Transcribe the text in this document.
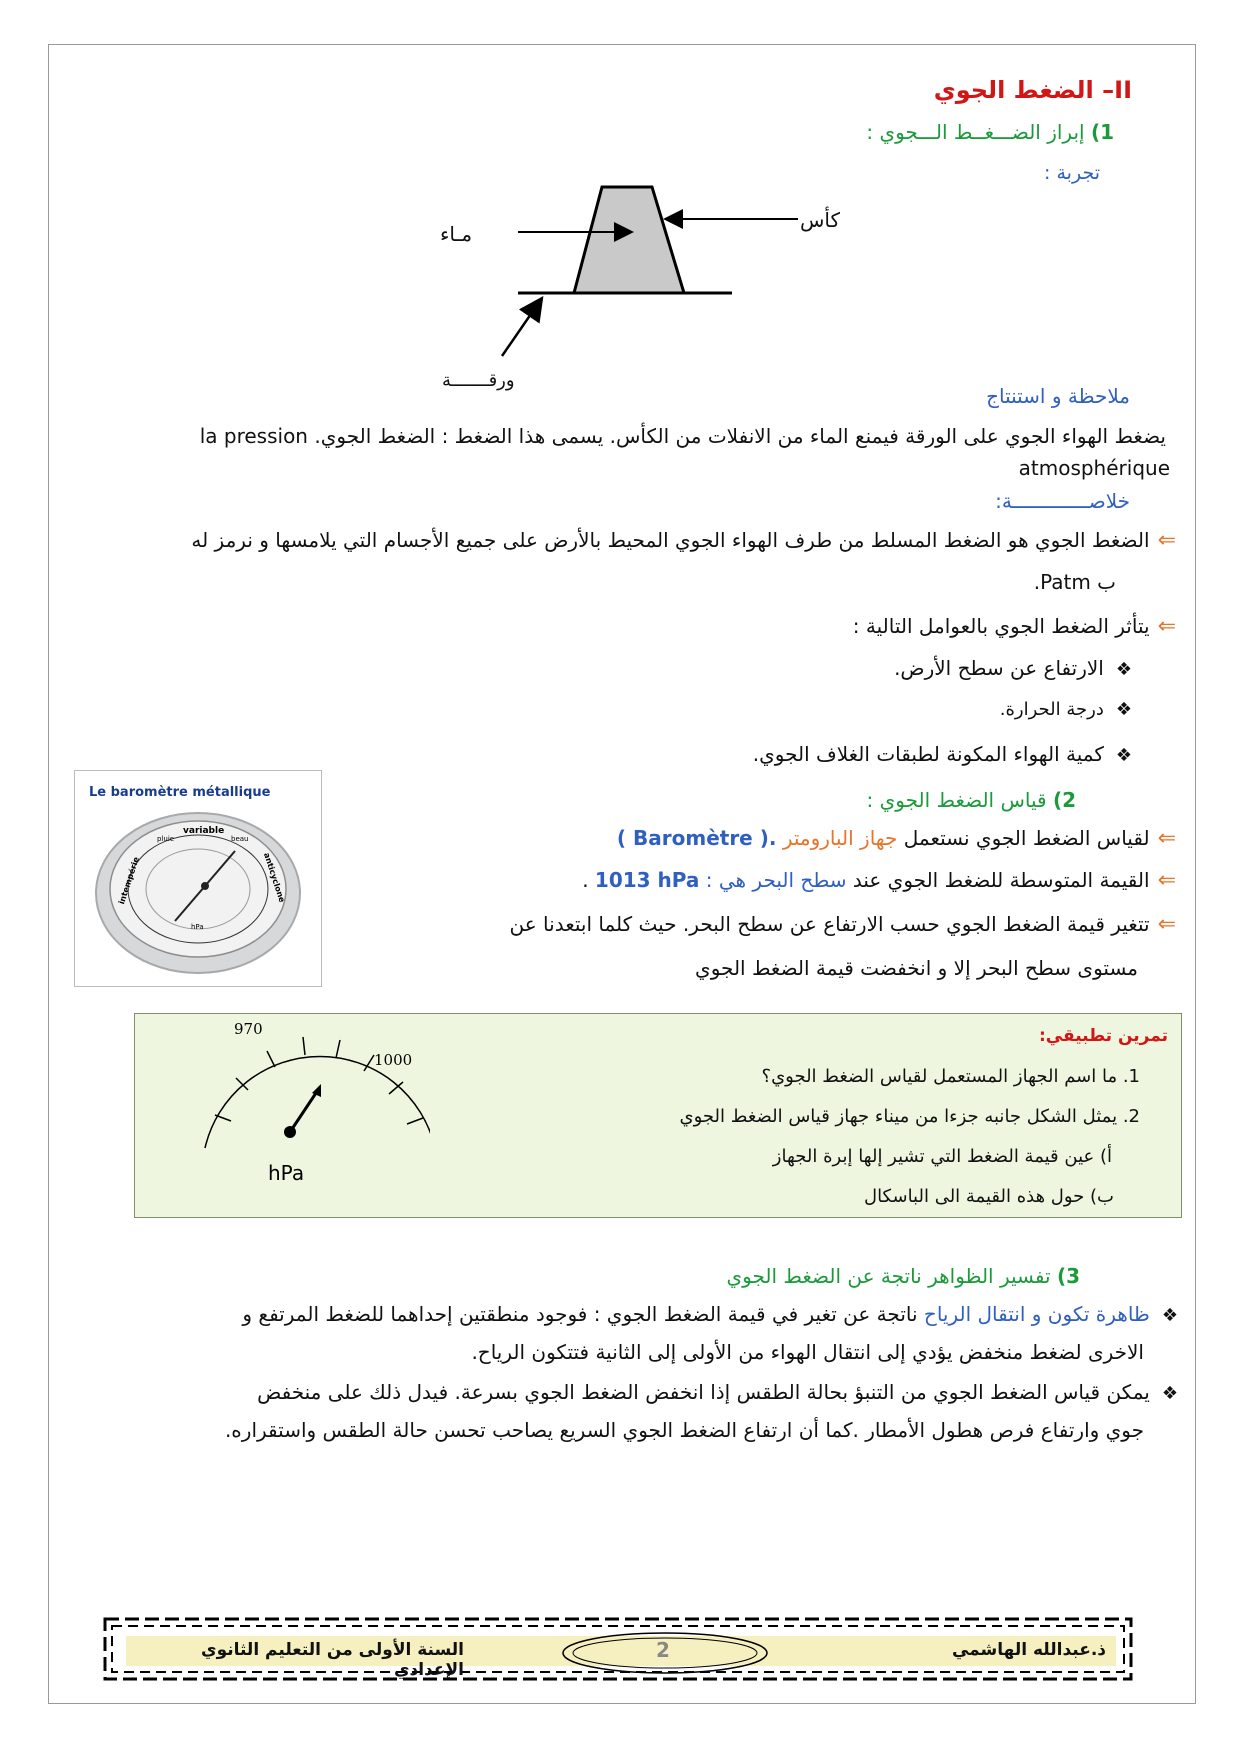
II– الضغط الجوي
1) إبراز الضـــغــط الـــجوي :
تجربة :
مـاء
كأس
ورقـــــــة
ملاحظة و استنتاج
يضغط الهواء الجوي على الورقة فيمنع الماء من الانفلات من الكأس. يسمى هذا الضغط : الضغط الجوي. la pression
atmosphérique
خلاصـــــــــــــة:
⇐الضغط الجوي هو الضغط المسلط من طرف الهواء الجوي المحيط بالأرض على جميع الأجسام التي يلامسها و نرمز له
ب Patm.
⇐يتأثر الضغط الجوي بالعوامل التالية :
❖الارتفاع عن سطح الأرض.
❖درجة الحرارة.
❖كمية الهواء المكونة لطبقات الغلاف الجوي.
Le baromètre métallique
variable
pluie	beau
intempérie	anticyclone
hPa
2) قياس الضغط الجوي :
⇐لقياس الضغط الجوي نستعمل جهاز البارومتر ( Baromètre ).
⇐القيمة المتوسطة للضغط الجوي عند سطح البحر هي : 1013 hPa .
⇐تتغير قيمة الضغط الجوي حسب الارتفاع عن سطح البحر. حيث كلما ابتعدنا عن
مستوى سطح البحر إلا و انخفضت قيمة الضغط الجوي
تمرين تطبيقي:
1. ما اسم الجهاز المستعمل لقياس الضغط الجوي؟
2. يمثل الشكل جانبه جزءا من ميناء جهاز قياس الضغط الجوي
أ) عين قيمة الضغط التي تشير إلها إبرة الجهاز
ب) حول هذه القيمة الى الباسكال
970
1000
hPa
3) تفسير الظواهر ناتجة عن الضغط الجوي
❖ظاهرة تكون و انتقال الرياح ناتجة عن تغير في قيمة الضغط الجوي : فوجود منطقتين إحداهما للضغط المرتفع و
الاخرى لضغط منخفض يؤدي إلى انتقال الهواء من الأولى إلى الثانية فتتكون الرياح.
❖يمكن قياس الضغط الجوي من التنبؤ بحالة الطقس إذا انخفض الضغط الجوي بسرعة. فيدل ذلك على منخفض
جوي وارتفاع فرص هطول الأمطار .كما أن ارتفاع الضغط الجوي السريع يصاحب تحسن حالة الطقس واستقراره.
2	ذ.عبدالله الهاشمي
السنة الأولى من التعليم الثانوي الإعدادي
